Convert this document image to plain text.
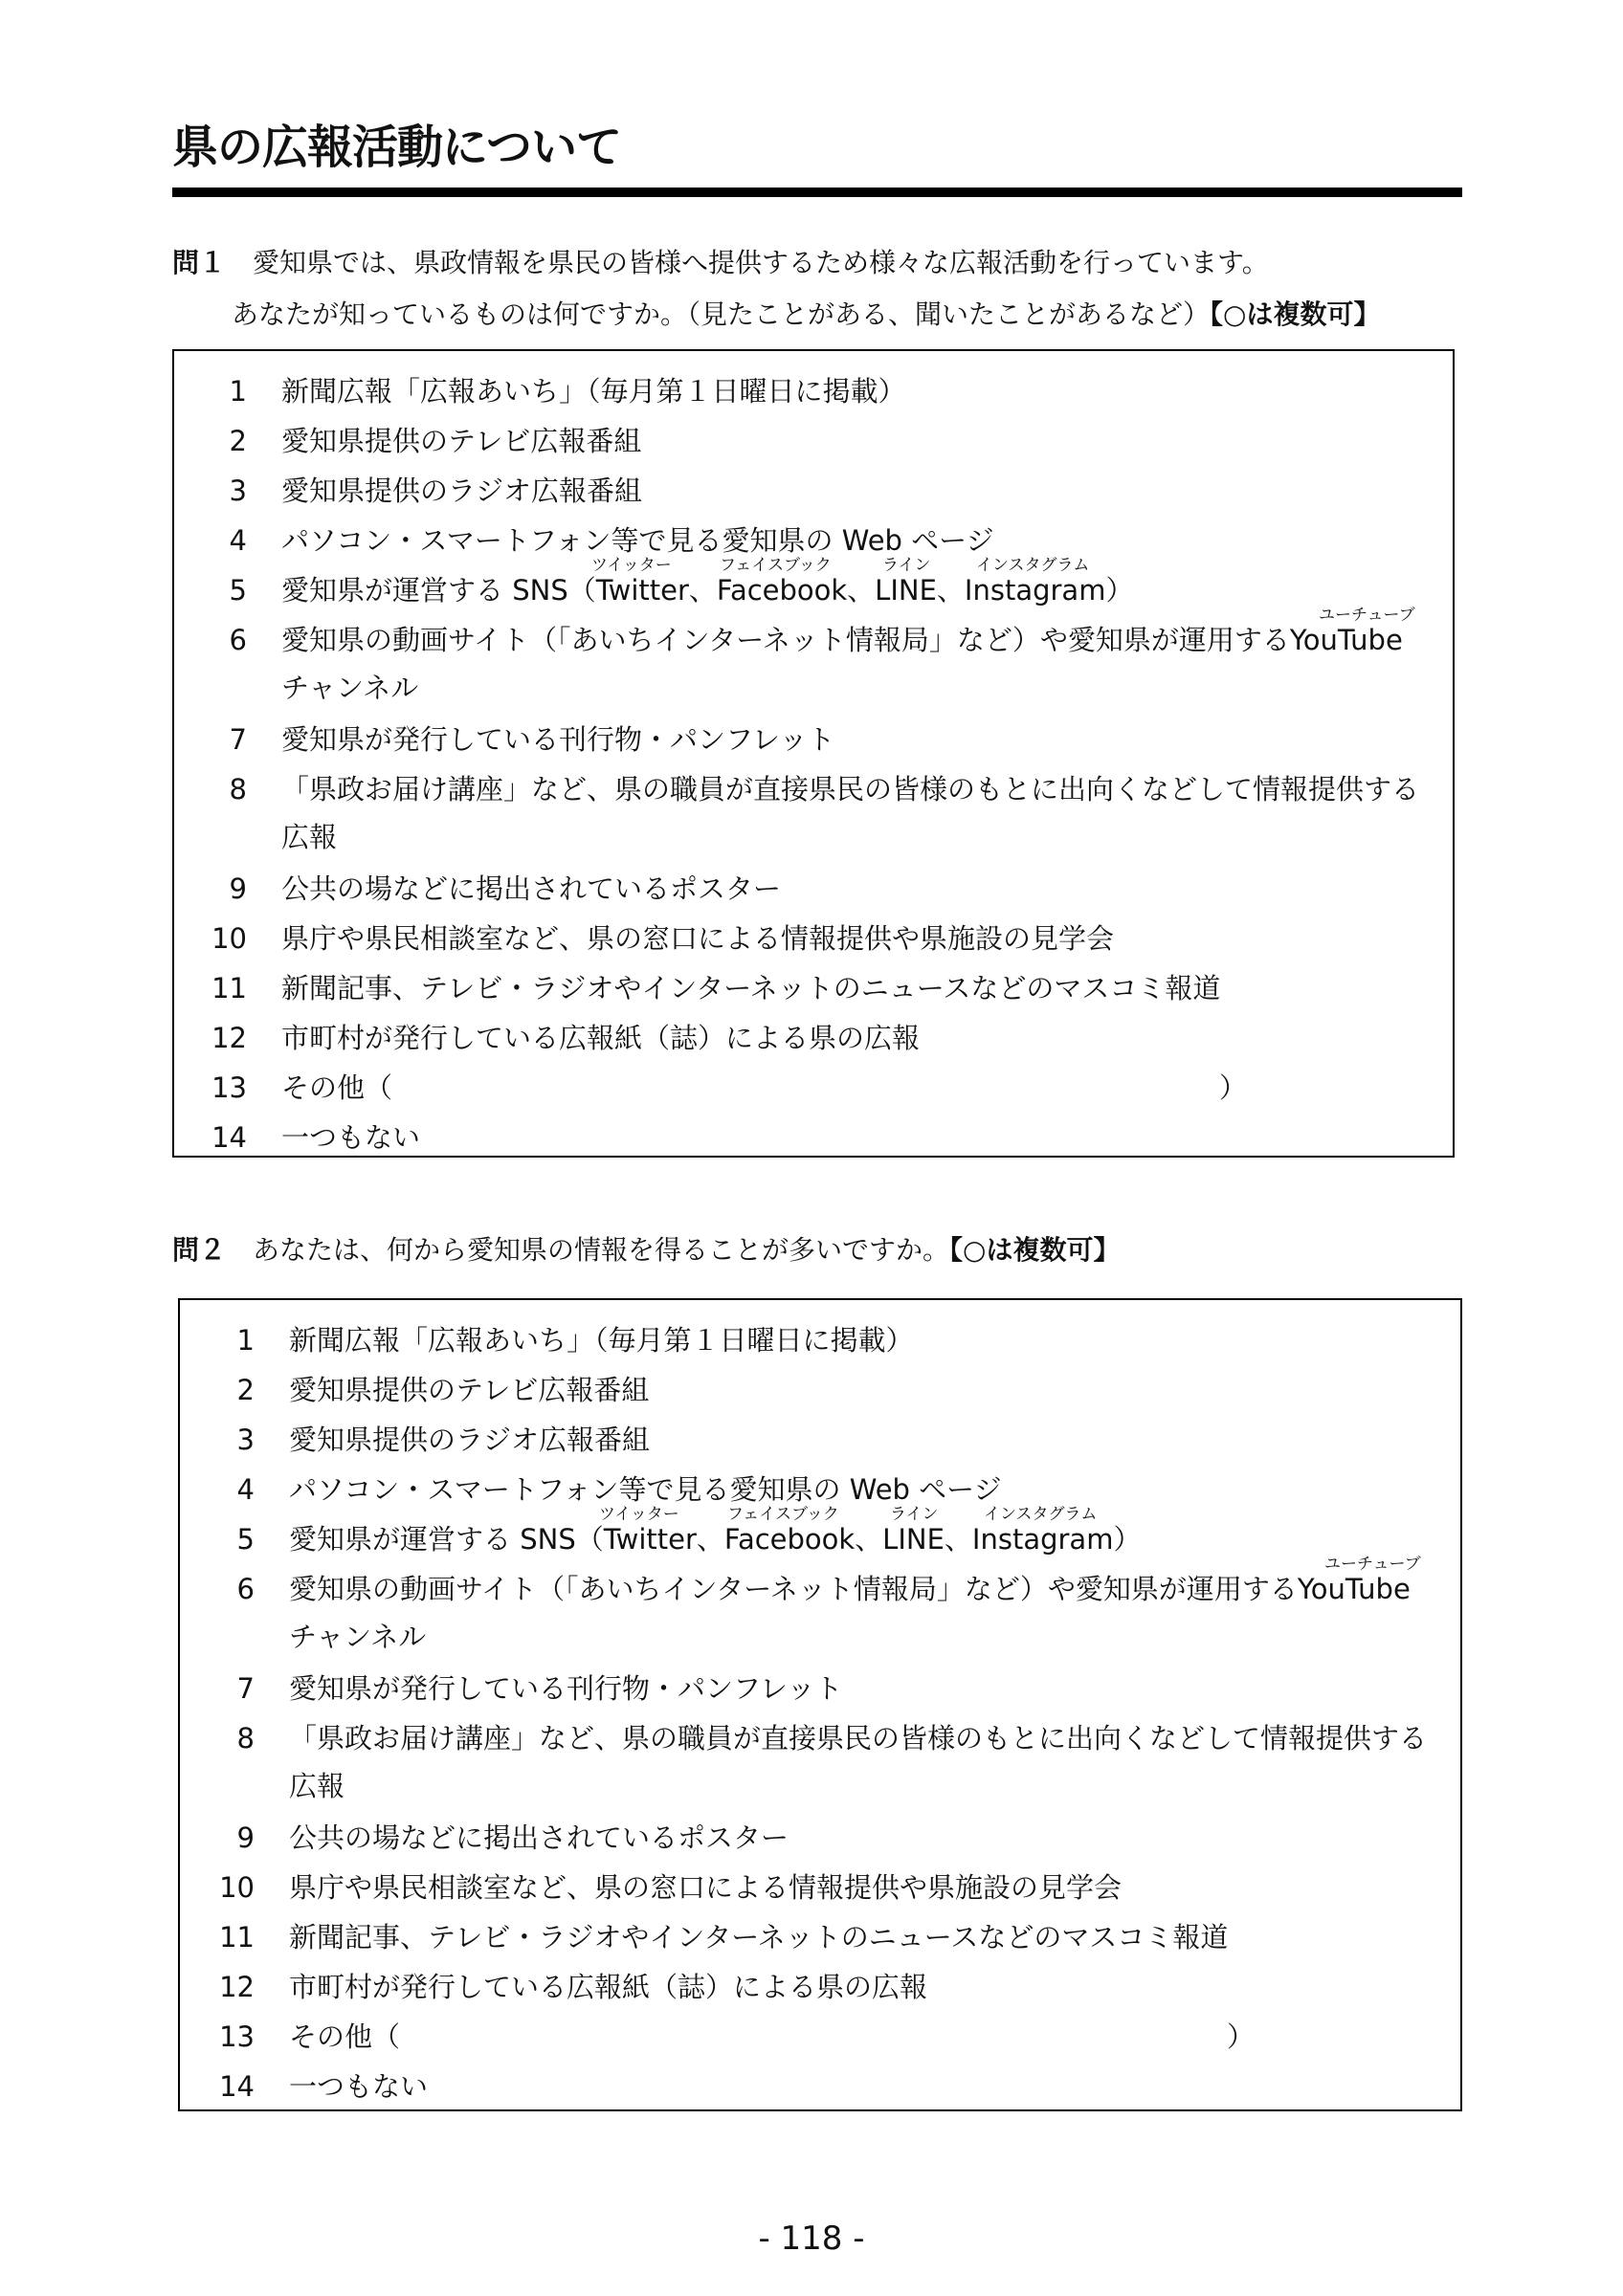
県の広報活動について
問１ 愛知県では、県政情報を県民の皆様へ提供するため様々な広報活動を行っています。
あなたが知っているものは何ですか。（見たことがある、聞いたことがあるなど）【○は複数可】
1 新聞広報「広報あいち」（毎月第１日曜日に掲載）
2 愛知県提供のテレビ広報番組
3 愛知県提供のラジオ広報番組
4 パソコン・スマートフォン等で見る愛知県の Web ページ
5 愛知県が運営する SNS（Twitter、Facebook、LINE、Instagram）
6 愛知県の動画サイト（「あいちインターネット情報局」など）や愛知県が運用するYouTube
チャンネル
7 愛知県が発行している刊行物・パンフレット
8 「県政お届け講座」など、県の職員が直接県民の皆様のもとに出向くなどして情報提供する
広報
9 公共の場などに掲出されているポスター
10 県庁や県民相談室など、県の窓口による情報提供や県施設の見学会
11 新聞記事、テレビ・ラジオやインターネットのニュースなどのマスコミ報道
12 市町村が発行している広報紙（誌）による県の広報
13 その他（	）
14 一つもない
ツイッター	フェイスブック	ライン	インスタグラム
ユーチューブ
問２ あなたは、何から愛知県の情報を得ることが多いですか。【○は複数可】
1 新聞広報「広報あいち」（毎月第１日曜日に掲載）
2 愛知県提供のテレビ広報番組
3 愛知県提供のラジオ広報番組
4 パソコン・スマートフォン等で見る愛知県の Web ページ
5 愛知県が運営する SNS（Twitter、Facebook、LINE、Instagram）
6 愛知県の動画サイト（「あいちインターネット情報局」など）や愛知県が運用するYouTube
チャンネル
7 愛知県が発行している刊行物・パンフレット
8 「県政お届け講座」など、県の職員が直接県民の皆様のもとに出向くなどして情報提供する
広報
9 公共の場などに掲出されているポスター
10 県庁や県民相談室など、県の窓口による情報提供や県施設の見学会
11 新聞記事、テレビ・ラジオやインターネットのニュースなどのマスコミ報道
12 市町村が発行している広報紙（誌）による県の広報
13 その他（	）
14 一つもない
ツイッター	フェイスブック	ライン	インスタグラム
ユーチューブ
- 118 -
